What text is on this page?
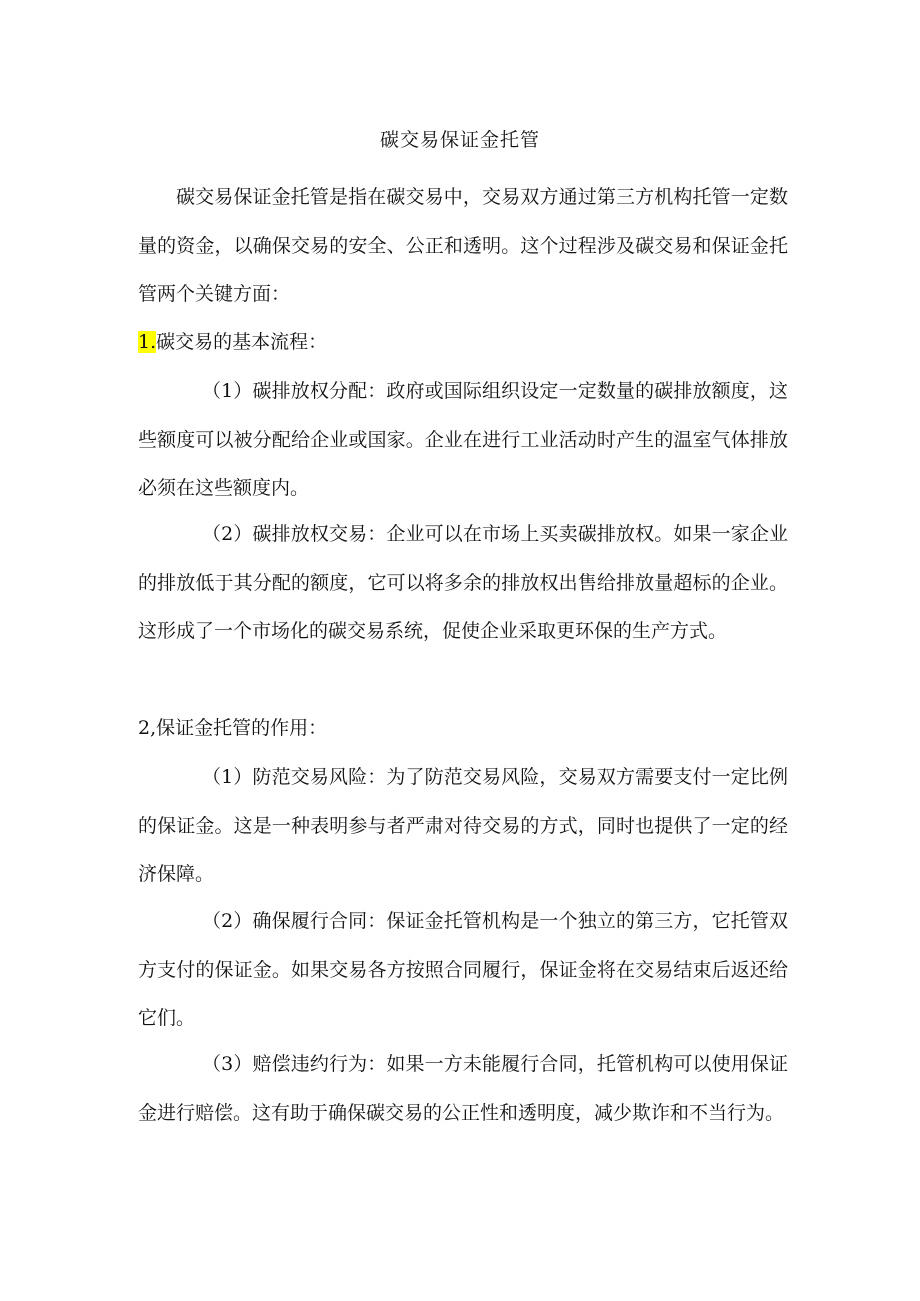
碳交易保证金托管

碳交易保证金托管是指在碳交易中，交易双方通过第三方机构托管一定数量的资金，以确保交易的安全、公正和透明。这个过程涉及碳交易和保证金托管两个关键方面：

1.碳交易的基本流程：

（1）碳排放权分配：政府或国际组织设定一定数量的碳排放额度，这些额度可以被分配给企业或国家。企业在进行工业活动时产生的温室气体排放必须在这些额度内。

（2）碳排放权交易：企业可以在市场上买卖碳排放权。如果一家企业的排放低于其分配的额度，它可以将多余的排放权出售给排放量超标的企业。这形成了一个市场化的碳交易系统，促使企业采取更环保的生产方式。

2,保证金托管的作用：

（1）防范交易风险：为了防范交易风险，交易双方需要支付一定比例的保证金。这是一种表明参与者严肃对待交易的方式，同时也提供了一定的经济保障。

（2）确保履行合同：保证金托管机构是一个独立的第三方，它托管双方支付的保证金。如果交易各方按照合同履行，保证金将在交易结束后返还给它们。

（3）赔偿违约行为：如果一方未能履行合同，托管机构可以使用保证金进行赔偿。这有助于确保碳交易的公正性和透明度，减少欺诈和不当行为。
